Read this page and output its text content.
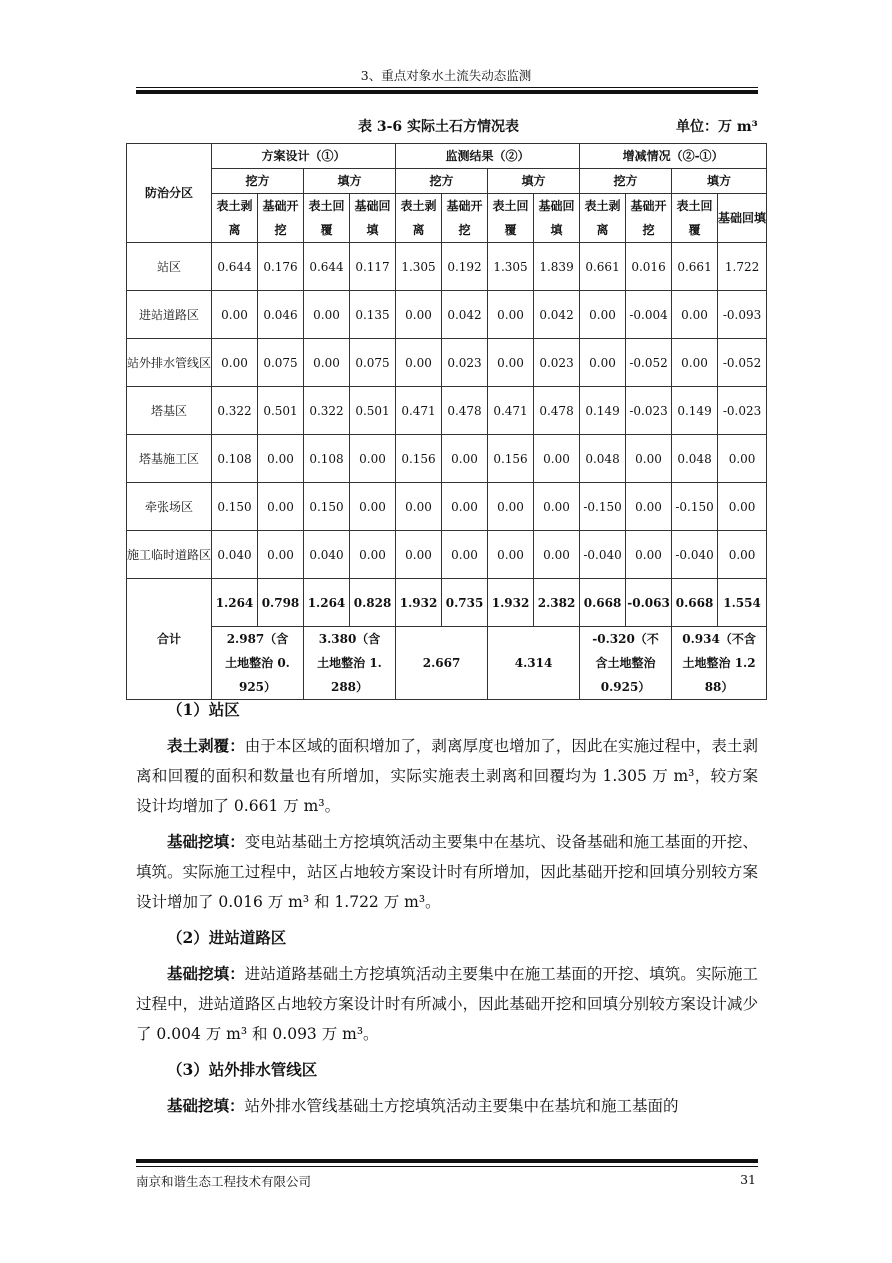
3、重点对象水土流失动态监测
表 3-6 实际土石方情况表	单位：万 m³
防治分区	方案设计（①）				监测结果（②）				增减情况（②-①）			
	挖方		填方		挖方		填方		挖方		填方	
	表土剥离	基础开挖	表土回覆	基础回填	表土剥离	基础开挖	表土回覆	基础回填	表土剥离	基础开挖	表土回覆	基础回填
站区	0.644	0.176	0.644	0.117	1.305	0.192	1.305	1.839	0.661	0.016	0.661	1.722
进站道路区	0.00	0.046	0.00	0.135	0.00	0.042	0.00	0.042	0.00	-0.004	0.00	-0.093
站外排水管线区	0.00	0.075	0.00	0.075	0.00	0.023	0.00	0.023	0.00	-0.052	0.00	-0.052
塔基区	0.322	0.501	0.322	0.501	0.471	0.478	0.471	0.478	0.149	-0.023	0.149	-0.023
塔基施工区	0.108	0.00	0.108	0.00	0.156	0.00	0.156	0.00	0.048	0.00	0.048	0.00
牵张场区	0.150	0.00	0.150	0.00	0.00	0.00	0.00	0.00	-0.150	0.00	-0.150	0.00
施工临时道路区	0.040	0.00	0.040	0.00	0.00	0.00	0.00	0.00	-0.040	0.00	-0.040	0.00
合计	1.264	0.798	1.264	0.828	1.932	0.735	1.932	2.382	0.668	-0.063	0.668	1.554
	2.987（含土地整治 0.925）		3.380（含土地整治 1.288）		2.667		4.314		-0.320（不含土地整治 0.925）		0.934（不含土地整治 1.288）	

（1）站区

表土剥覆：由于本区域的面积增加了，剥离厚度也增加了，因此在实施过程中，表土剥离和回覆的面积和数量也有所增加，实际实施表土剥离和回覆均为 1.305 万 m³，较方案设计均增加了 0.661 万 m³。

基础挖填：变电站基础土方挖填筑活动主要集中在基坑、设备基础和施工基面的开挖、填筑。实际施工过程中，站区占地较方案设计时有所增加，因此基础开挖和回填分别较方案设计增加了 0.016 万 m³ 和 1.722 万 m³。

（2）进站道路区

基础挖填：进站道路基础土方挖填筑活动主要集中在施工基面的开挖、填筑。实际施工过程中，进站道路区占地较方案设计时有所减小，因此基础开挖和回填分别较方案设计减少了 0.004 万 m³ 和 0.093 万 m³。

（3）站外排水管线区

基础挖填：站外排水管线基础土方挖填筑活动主要集中在基坑和施工基面的

南京和谐生态工程技术有限公司	31
